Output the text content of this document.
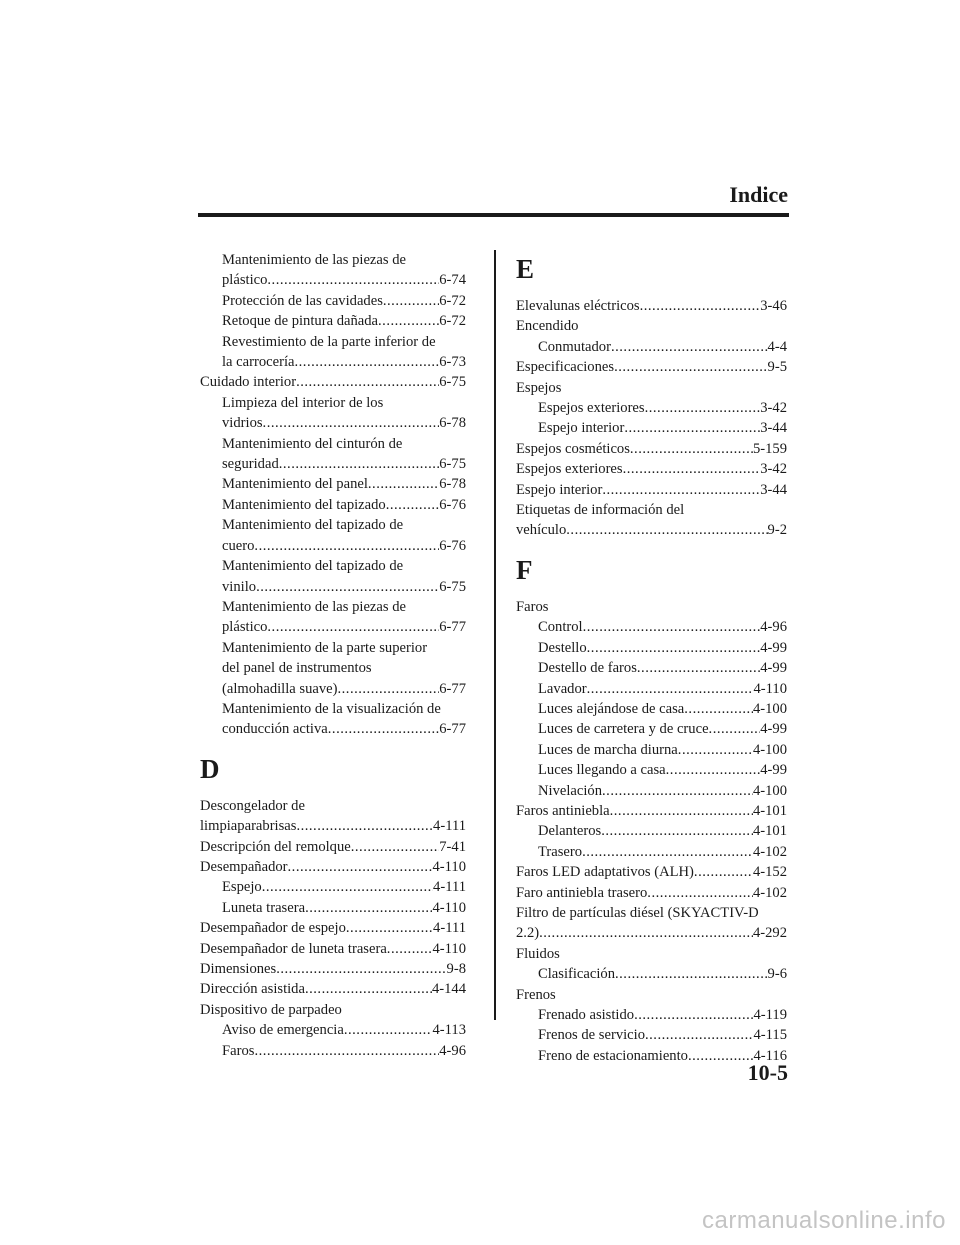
Indice
Mantenimiento de las piezas de
plástico .....	6-74
Protección de las cavidades .....	6-72
Retoque de pintura dañada .....	6-72
Revestimiento de la parte inferior de
la carrocería .....	6-73
Cuidado interior .....	6-75
Limpieza del interior de los
vidrios .....	6-78
Mantenimiento del cinturón de
seguridad .....	6-75
Mantenimiento del panel .....	6-78
Mantenimiento del tapizado .....	6-76
Mantenimiento del tapizado de
cuero .....	6-76
Mantenimiento del tapizado de
vinilo .....	6-75
Mantenimiento de las piezas de
plástico .....	6-77
Mantenimiento de la parte superior
del panel de instrumentos
(almohadilla suave) .....	6-77
Mantenimiento de la visualización de
conducción activa .....	6-77
D
Descongelador de
limpiaparabrisas .....	4-111
Descripción del remolque .....	7-41
Desempañador .....	4-110
Espejo .....	4-111
Luneta trasera .....	4-110
Desempañador de espejo .....	4-111
Desempañador de luneta trasera .....	4-110
Dimensiones .....	9-8
Dirección asistida .....	4-144
Dispositivo de parpadeo
Aviso de emergencia .....	4-113
Faros .....	4-96
E
Elevalunas eléctricos .....	3-46
Encendido
Conmutador .....	4-4
Especificaciones .....	9-5
Espejos
Espejos exteriores .....	3-42
Espejo interior .....	3-44
Espejos cosméticos .....	5-159
Espejos exteriores .....	3-42
Espejo interior .....	3-44
Etiquetas de información del
vehículo .....	9-2
F
Faros
Control .....	4-96
Destello .....	4-99
Destello de faros .....	4-99
Lavador .....	4-110
Luces alejándose de casa .....	4-100
Luces de carretera y de cruce .....	4-99
Luces de marcha diurna .....	4-100
Luces llegando a casa .....	4-99
Nivelación .....	4-100
Faros antiniebla .....	4-101
Delanteros .....	4-101
Trasero .....	4-102
Faros LED adaptativos (ALH) .....	4-152
Faro antiniebla trasero .....	4-102
Filtro de partículas diésel (SKYACTIV-D
2.2) .....	4-292
Fluidos
Clasificación .....	9-6
Frenos
Frenado asistido .....	4-119
Frenos de servicio .....	4-115
Freno de estacionamiento .....	4-116
10-5
carmanualsonline.info
